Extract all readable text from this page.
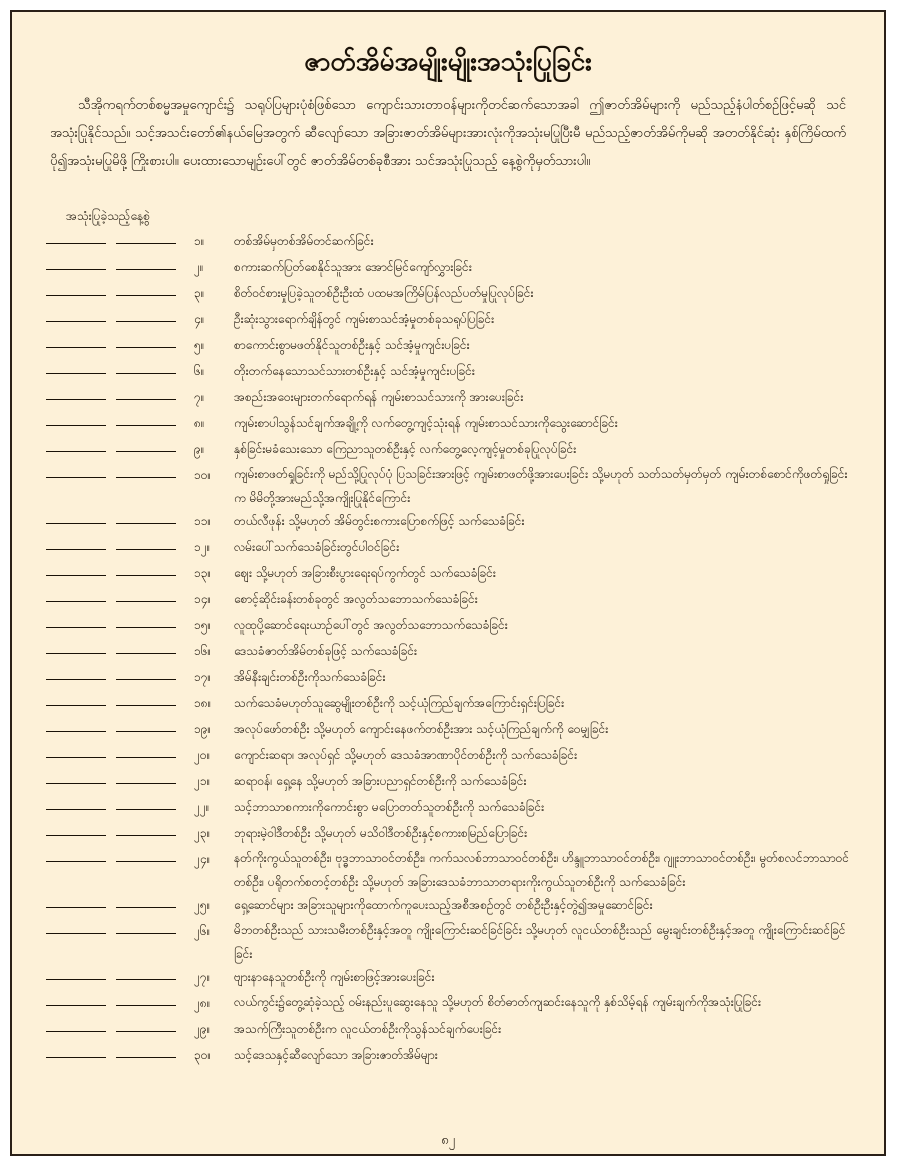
ဇာတ်အိမ်အမျိုးမျိုးအသုံးပြုခြင်း
သီအိုကရက်တစ်စမ္မအမှုကျောင်း၌ သရုပ်ပြများပုံစံဖြစ်သော ကျောင်းသားတာဝန်များကိုတင်ဆက်သောအခါ ဤဇာတ်အိမ်များကို မည်သည့်နံပါတ်စဉ်ဖြင့်မဆို သင်အသုံးပြုနိုင်သည်။ သင့်အသင်းတော်၏နယ်မြေအတွက် ဆီလျော်သော အခြားဇာတ်အိမ်များအားလုံးကိုအသုံးမပြုပြီးမီ မည်သည့်ဇာတ်အိမ်ကိုမဆို အတတ်နိုင်ဆုံး နှစ်ကြိမ်ထက်ပို၍အသုံးမပြုမိဖို့ ကြိုးစားပါ။ ပေးထားသောမျဉ်းပေါ်တွင် ဇာတ်အိမ်တစ်ခုစီအား သင်အသုံးပြုသည့် နေ့စွဲကိုမှတ်သားပါ။
အသုံးပြုခဲ့သည့်နေ့စွဲ
၁။	တစ်အိမ်မှတစ်အိမ်တင်ဆက်ခြင်း
၂။	စကားဆက်ပြတ်စေနိုင်သူအား အောင်မြင်ကျော်လွှားခြင်း
၃။	စိတ်ဝင်စားမှုပြခဲ့သူတစ်ဦးဦးထံ ပထမအကြိမ်ပြန်လည်ပတ်မှုပြုလုပ်ခြင်း
၄။	ဦးဆုံးသွားရောက်ချိန်တွင် ကျမ်းစာသင်အံ့မှုတစ်ခုသရုပ်ပြခြင်း
၅။	စာကောင်းစွာမဖတ်နိုင်သူတစ်ဦးနှင့် သင်အံ့မှုကျင်းပခြင်း
၆။	တိုးတက်နေသောသင်သားတစ်ဦးနှင့် သင်အံ့မှုကျင်းပခြင်း
၇။	အစည်းအဝေးများတက်ရောက်ရန် ကျမ်းစာသင်သားကို အားပေးခြင်း
၈။	ကျမ်းစာပါသွန်သင်ချက်အချို့ကို လက်တွေ့ကျင့်သုံးရန် ကျမ်းစာသင်သားကိုသွေးဆောင်ခြင်း
၉။	နှစ်ခြင်းမခံသေးသော ကြေညာသူတစ်ဦးနှင့် လက်တွေ့လေ့ကျင့်မှုတစ်ခုပြုလုပ်ခြင်း
၁၀။	ကျမ်းစာဖတ်ရှုခြင်းကို မည်သို့ပြုလုပ်ပုံ ပြသခြင်းအားဖြင့် ကျမ်းစာဖတ်ဖို့အားပေးခြင်း သို့မဟုတ် သတ်သတ်မှတ်မှတ် ကျမ်းတစ်စောင်ကိုဖတ်ရှုခြင်းက မိမိတို့အားမည်သို့အကျိုးပြုနိုင်ကြောင်း
၁၁။	တယ်လီဖုန်း သို့မဟုတ် အိမ်တွင်းစကားပြောစက်ဖြင့် သက်သေခံခြင်း
၁၂။	လမ်းပေါ်သက်သေခံခြင်းတွင်ပါဝင်ခြင်း
၁၃။	ဈေး သို့မဟုတ် အခြားစီးပွားရေးရပ်ကွက်တွင် သက်သေခံခြင်း
၁၄။	စောင့်ဆိုင်းခန်းတစ်ခုတွင် အလွတ်သဘောသက်သေခံခြင်း
၁၅။	လူထုပို့ဆောင်ရေးယာဉ်ပေါ်တွင် အလွတ်သဘောသက်သေခံခြင်း
၁၆။	ဒေသခံဇာတ်အိမ်တစ်ခုဖြင့် သက်သေခံခြင်း
၁၇။	အိမ်နီးချင်းတစ်ဦးကိုသက်သေခံခြင်း
၁၈။	သက်သေခံမဟုတ်သူဆွေမျိုးတစ်ဦးကို သင့်ယုံကြည်ချက်အကြောင်းရှင်းပြခြင်း
၁၉။	အလုပ်ဖော်တစ်ဦး သို့မဟုတ် ကျောင်းနေဖက်တစ်ဦးအား သင့်ယုံကြည်ချက်ကို ဝေမျှခြင်း
၂၀။	ကျောင်းဆရာ၊ အလုပ်ရှင် သို့မဟုတ် ဒေသခံအာဏာပိုင်တစ်ဦးကို သက်သေခံခြင်း
၂၁။	ဆရာဝန်၊ ရှေ့နေ သို့မဟုတ် အခြားပညာရှင်တစ်ဦးကို သက်သေခံခြင်း
၂၂။	သင့်ဘာသာစကားကိုကောင်းစွာ မပြောတတ်သူတစ်ဦးကို သက်သေခံခြင်း
၂၃။	ဘုရားမဲ့ဝါဒီတစ်ဦး သို့မဟုတ် မသိဝါဒီတစ်ဦးနှင့်စကားစမြည်ပြောခြင်း
၂၄။	နတ်ကိုးကွယ်သူတစ်ဦး၊ ဗုဒ္ဓဘာသာဝင်တစ်ဦး၊ ကက်သလစ်ဘာသာဝင်တစ်ဦး၊ ဟိန္ဒူဘာသာဝင်တစ်ဦး၊ ဂျူးဘာသာဝင်တစ်ဦး၊ မွတ်စလင်ဘာသာဝင်တစ်ဦး၊ ပရိုတက်စတင့်တစ်ဦး သို့မဟုတ် အခြားဒေသခံဘာသာတရားကိုးကွယ်သူတစ်ဦးကို သက်သေခံခြင်း
၂၅။	ရှေ့ဆောင်များ အခြားသူများကိုထောက်ကူပေးသည့်အစီအစဉ်တွင် တစ်ဦးဦးနှင့်တွဲ၍အမှုဆောင်ခြင်း
၂၆။	မိဘတစ်ဦးသည် သားသမီးတစ်ဦးနှင့်အတူ ကျိုးကြောင်းဆင်ခြင်ခြင်း သို့မဟုတ် လူငယ်တစ်ဦးသည် မွေးချင်းတစ်ဦးနှင့်အတူ ကျိုးကြောင်းဆင်ခြင်ခြင်း
၂၇။	ဗျားနာနေသူတစ်ဦးကို ကျမ်းစာဖြင့်အားပေးခြင်း
၂၈။	လယ်ကွင်း၌တွေ့ဆုံခဲ့သည့် ဝမ်းနည်းပူဆွေးနေသူ သို့မဟုတ် စိတ်ဓာတ်ကျဆင်းနေသူကို နှစ်သိမ့်ရန် ကျမ်းချက်ကိုအသုံးပြုခြင်း
၂၉။	အသက်ကြီးသူတစ်ဦးက လူငယ်တစ်ဦးကိုသွန်သင်ချက်ပေးခြင်း
၃၀။	သင့်ဒေသနှင့်ဆီလျော်သော အခြားဇာတ်အိမ်များ
၈၂
